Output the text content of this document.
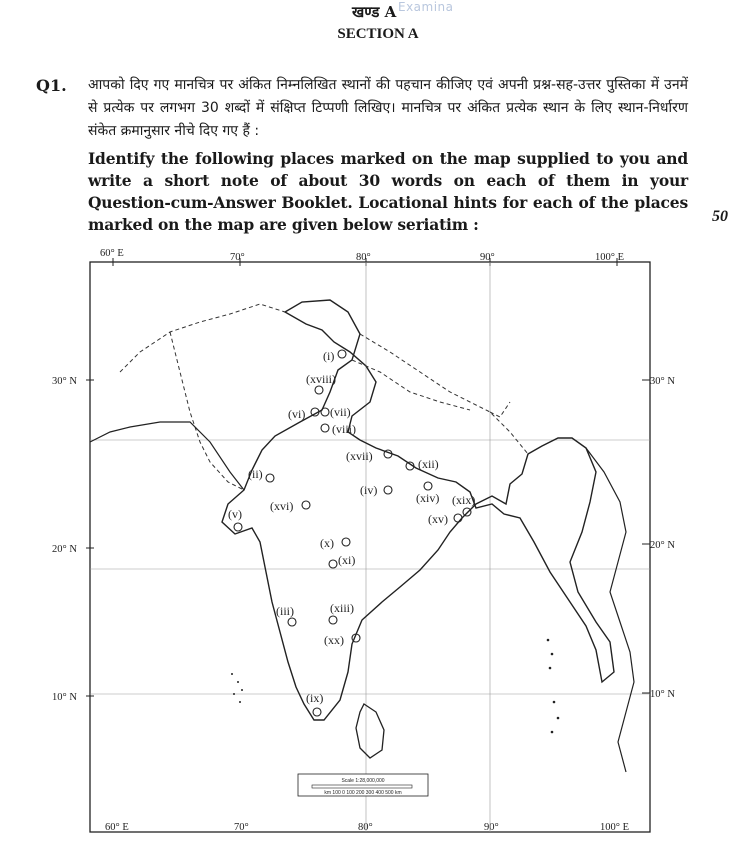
खण्ड A Examina
SECTION A
Q1. आपको दिए गए मानचित्र पर अंकित निम्नलिखित स्थानों की पहचान कीजिए एवं अपनी प्रश्न-सह-उत्तर पुस्तिका में उनमें से प्रत्येक पर लगभग 30 शब्दों में संक्षिप्त टिप्पणी लिखिए। मानचित्र पर अंकित प्रत्येक स्थान के लिए स्थान-निर्धारण संकेत क्रमानुसार नीचे दिए गए हैं :
Identify the following places marked on the map supplied to you and write a short note of about 30 words on each of them in your Question-cum-Answer Booklet. Locational hints for each of the places marked on the map are given below seriatim :	50
60° E	70°	80°	90°	100° E
60° E	70°	80°	90°	100° E
30° N
20° N
10° N
30° N
20° N
10° N
(i)
(ii)
(iii)
(iv)
(v)
(vi) (vii)
(viii)
(ix)
(x)
(xi)
(xii)
(xiii)
(xiv)
(xv)
(xvi)
(xvii)
(xviii)
(xix)
(xx)
Scale 1:28,000,000
km 100 0 100 200 300 400 500 km
